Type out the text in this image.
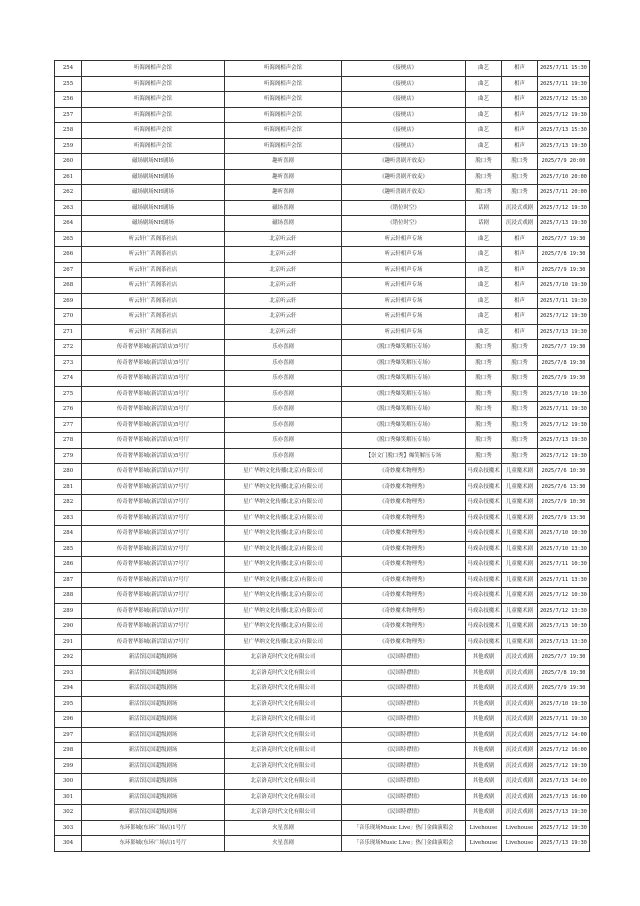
254	听海阁相声会馆	听海阁相声会馆	《接梗店》	曲艺	相声	2025/7/11 15:30
255	听海阁相声会馆	听海阁相声会馆	《接梗店》	曲艺	相声	2025/7/11 19:30
256	听海阁相声会馆	听海阁相声会馆	《接梗店》	曲艺	相声	2025/7/12 15:30
257	听海阁相声会馆	听海阁相声会馆	《接梗店》	曲艺	相声	2025/7/12 19:30
258	听海阁相声会馆	听海阁相声会馆	《接梗店》	曲艺	相声	2025/7/13 15:30
259	听海阁相声会馆	听海阁相声会馆	《接梗店》	曲艺	相声	2025/7/13 19:30
260	磁场剧场NH剧场	趣听喜剧	《趣听喜剧开放麦》	脱口秀	脱口秀	2025/7/9 20:00
261	磁场剧场NH剧场	趣听喜剧	《趣听喜剧开放麦》	脱口秀	脱口秀	2025/7/10 20:00
262	磁场剧场NH剧场	趣听喜剧	《趣听喜剧开放麦》	脱口秀	脱口秀	2025/7/11 20:00
263	磁场剧场NH剧场	磁场喜剧	《错位时空》	话剧	沉浸式戏剧	2025/7/12 19:30
264	磁场剧场NH剧场	磁场喜剧	《错位时空》	话剧	沉浸式戏剧	2025/7/13 19:30
265	听云轩广茗阁茶社店	北京听云轩	听云轩相声专场	曲艺	相声	2025/7/7 19:30
266	听云轩广茗阁茶社店	北京听云轩	听云轩相声专场	曲艺	相声	2025/7/8 19:30
267	听云轩广茗阁茶社店	北京听云轩	听云轩相声专场	曲艺	相声	2025/7/9 19:30
268	听云轩广茗阁茶社店	北京听云轩	听云轩相声专场	曲艺	相声	2025/7/10 19:30
269	听云轩广茗阁茶社店	北京听云轩	听云轩相声专场	曲艺	相声	2025/7/11 19:30
270	听云轩广茗阁茶社店	北京听云轩	听云轩相声专场	曲艺	相声	2025/7/12 19:30
271	听云轩广茗阁茶社店	北京听云轩	听云轩相声专场	曲艺	相声	2025/7/13 19:30
272	传奇奢华影城(新活馆店)5号厅	乐亦喜剧	《脱口秀爆笑解压专场》	脱口秀	脱口秀	2025/7/7 19:30
273	传奇奢华影城(新活馆店)5号厅	乐亦喜剧	《脱口秀爆笑解压专场》	脱口秀	脱口秀	2025/7/8 19:30
274	传奇奢华影城(新活馆店)5号厅	乐亦喜剧	《脱口秀爆笑解压专场》	脱口秀	脱口秀	2025/7/9 19:30
275	传奇奢华影城(新活馆店)5号厅	乐亦喜剧	《脱口秀爆笑解压专场》	脱口秀	脱口秀	2025/7/10 19:30
276	传奇奢华影城(新活馆店)5号厅	乐亦喜剧	《脱口秀爆笑解压专场》	脱口秀	脱口秀	2025/7/11 19:30
277	传奇奢华影城(新活馆店)5号厅	乐亦喜剧	《脱口秀爆笑解压专场》	脱口秀	脱口秀	2025/7/12 19:30
278	传奇奢华影城(新活馆店)5号厅	乐亦喜剧	《脱口秀爆笑解压专场》	脱口秀	脱口秀	2025/7/13 19:30
279	传奇奢华影城(新活馆店)5号厅	乐亦喜剧	【崇文门脱口秀】爆笑解压专场	脱口秀	脱口秀	2025/7/12 19:30
280	传奇奢华影城(新活馆店)7号厅	星广华纳文化传播(北京)有限公司	《奇妙魔术物理秀》	马戏杂技魔术	儿童魔术剧	2025/7/6 10:30
281	传奇奢华影城(新活馆店)7号厅	星广华纳文化传播(北京)有限公司	《奇妙魔术物理秀》	马戏杂技魔术	儿童魔术剧	2025/7/6 13:30
282	传奇奢华影城(新活馆店)7号厅	星广华纳文化传播(北京)有限公司	《奇妙魔术物理秀》	马戏杂技魔术	儿童魔术剧	2025/7/9 10:30
283	传奇奢华影城(新活馆店)7号厅	星广华纳文化传播(北京)有限公司	《奇妙魔术物理秀》	马戏杂技魔术	儿童魔术剧	2025/7/9 13:30
284	传奇奢华影城(新活馆店)7号厅	星广华纳文化传播(北京)有限公司	《奇妙魔术物理秀》	马戏杂技魔术	儿童魔术剧	2025/7/10 10:30
285	传奇奢华影城(新活馆店)7号厅	星广华纳文化传播(北京)有限公司	《奇妙魔术物理秀》	马戏杂技魔术	儿童魔术剧	2025/7/10 13:30
286	传奇奢华影城(新活馆店)7号厅	星广华纳文化传播(北京)有限公司	《奇妙魔术物理秀》	马戏杂技魔术	儿童魔术剧	2025/7/11 10:30
287	传奇奢华影城(新活馆店)7号厅	星广华纳文化传播(北京)有限公司	《奇妙魔术物理秀》	马戏杂技魔术	儿童魔术剧	2025/7/11 13:30
288	传奇奢华影城(新活馆店)7号厅	星广华纳文化传播(北京)有限公司	《奇妙魔术物理秀》	马戏杂技魔术	儿童魔术剧	2025/7/12 10:30
289	传奇奢华影城(新活馆店)7号厅	星广华纳文化传播(北京)有限公司	《奇妙魔术物理秀》	马戏杂技魔术	儿童魔术剧	2025/7/12 13:30
290	传奇奢华影城(新活馆店)7号厅	星广华纳文化传播(北京)有限公司	《奇妙魔术物理秀》	马戏杂技魔术	儿童魔术剧	2025/7/13 10:30
291	传奇奢华影城(新活馆店)7号厅	星广华纳文化传播(北京)有限公司	《奇妙魔术物理秀》	马戏杂技魔术	儿童魔术剧	2025/7/13 13:30
292	新活馆民国超级剧场	北京洛克时代文化有限公司	《民国特襟情》	其他戏剧	沉浸式戏剧	2025/7/7 19:30
293	新活馆民国超级剧场	北京洛克时代文化有限公司	《民国特襟情》	其他戏剧	沉浸式戏剧	2025/7/8 19:30
294	新活馆民国超级剧场	北京洛克时代文化有限公司	《民国特襟情》	其他戏剧	沉浸式戏剧	2025/7/9 19:30
295	新活馆民国超级剧场	北京洛克时代文化有限公司	《民国特襟情》	其他戏剧	沉浸式戏剧	2025/7/10 19:30
296	新活馆民国超级剧场	北京洛克时代文化有限公司	《民国特襟情》	其他戏剧	沉浸式戏剧	2025/7/11 19:30
297	新活馆民国超级剧场	北京洛克时代文化有限公司	《民国特襟情》	其他戏剧	沉浸式戏剧	2025/7/12 14:00
298	新活馆民国超级剧场	北京洛克时代文化有限公司	《民国特襟情》	其他戏剧	沉浸式戏剧	2025/7/12 16:00
299	新活馆民国超级剧场	北京洛克时代文化有限公司	《民国特襟情》	其他戏剧	沉浸式戏剧	2025/7/12 19:30
300	新活馆民国超级剧场	北京洛克时代文化有限公司	《民国特襟情》	其他戏剧	沉浸式戏剧	2025/7/13 14:00
301	新活馆民国超级剧场	北京洛克时代文化有限公司	《民国特襟情》	其他戏剧	沉浸式戏剧	2025/7/13 16:00
302	新活馆民国超级剧场	北京洛克时代文化有限公司	《民国特襟情》	其他戏剧	沉浸式戏剧	2025/7/13 19:30
303	东环影城(东环广场店)1号厅	火星喜剧	「音乐现场Music Live」热门金曲演唱会	Livehouse	Livehouse	2025/7/12 19:30
304	东环影城(东环广场店)1号厅	火星喜剧	「音乐现场Music Live」热门金曲演唱会	Livehouse	Livehouse	2025/7/13 19:30
